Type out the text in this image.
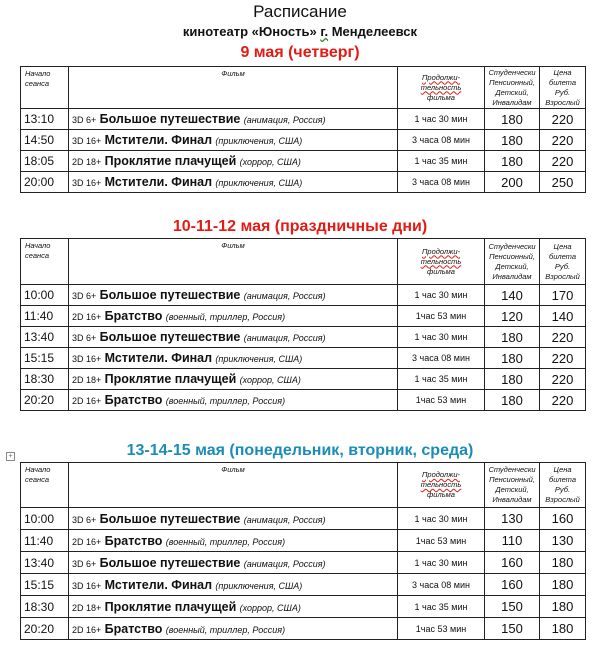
Расписание
кинотеатр «Юность» г. Менделеевск
9 мая (четверг)
Начало
сеанса	Фильм	Продолжи-
тельность
фильма	Студенчески
Пенсионный,
Детский,
Инвалидам	Цена
билета
Руб.
Взрослый
13:10	3D 6+ Большое путешествие (анимация, Россия)	1 час 30 мин	180	220
14:50	3D 16+ Мстители. Финал (приключения, США)	3 часа 08 мин	180	220
18:05	2D 18+ Проклятие плачущей (хоррор, США)	1 час 35 мин	180	220
20:00	3D 16+ Мстители. Финал (приключения, США)	3 часа 08 мин	200	250
10-11-12 мая (праздничные дни)
Начало
сеанса	Фильм	Продолжи-
тельность
фильма	Студенчески
Пенсионный,
Детский,
Инвалидам	Цена
билета
Руб.
Взрослый
10:00	3D 6+ Большое путешествие (анимация, Россия)	1 час 30 мин	140	170
11:40	2D 16+ Братство (военный, триллер, Россия)	1час 53 мин	120	140
13:40	3D 6+ Большое путешествие (анимация, Россия)	1 час 30 мин	180	220
15:15	3D 16+ Мстители. Финал (приключения, США)	3 часа 08 мин	180	220
18:30	2D 18+ Проклятие плачущей (хоррор, США)	1 час 35 мин	180	220
20:20	2D 16+ Братство (военный, триллер, Россия)	1час 53 мин	180	220
+	13-14-15 мая (понедельник, вторник, среда)
Начало
сеанса	Фильм	Продолжи-
тельность
фильма	Студенчески
Пенсионный,
Детский,
Инвалидам	Цена
билета
Руб.
Взрослый
10:00	3D 6+ Большое путешествие (анимация, Россия)	1 час 30 мин	130	160
11:40	2D 16+ Братство (военный, триллер, Россия)	1час 53 мин	110	130
13:40	3D 6+ Большое путешествие (анимация, Россия)	1 час 30 мин	160	180
15:15	3D 16+ Мстители. Финал (приключения, США)	3 часа 08 мин	160	180
18:30	2D 18+ Проклятие плачущей (хоррор, США)	1 час 35 мин	150	180
20:20	2D 16+ Братство (военный, триллер, Россия)	1час 53 мин	150	180
